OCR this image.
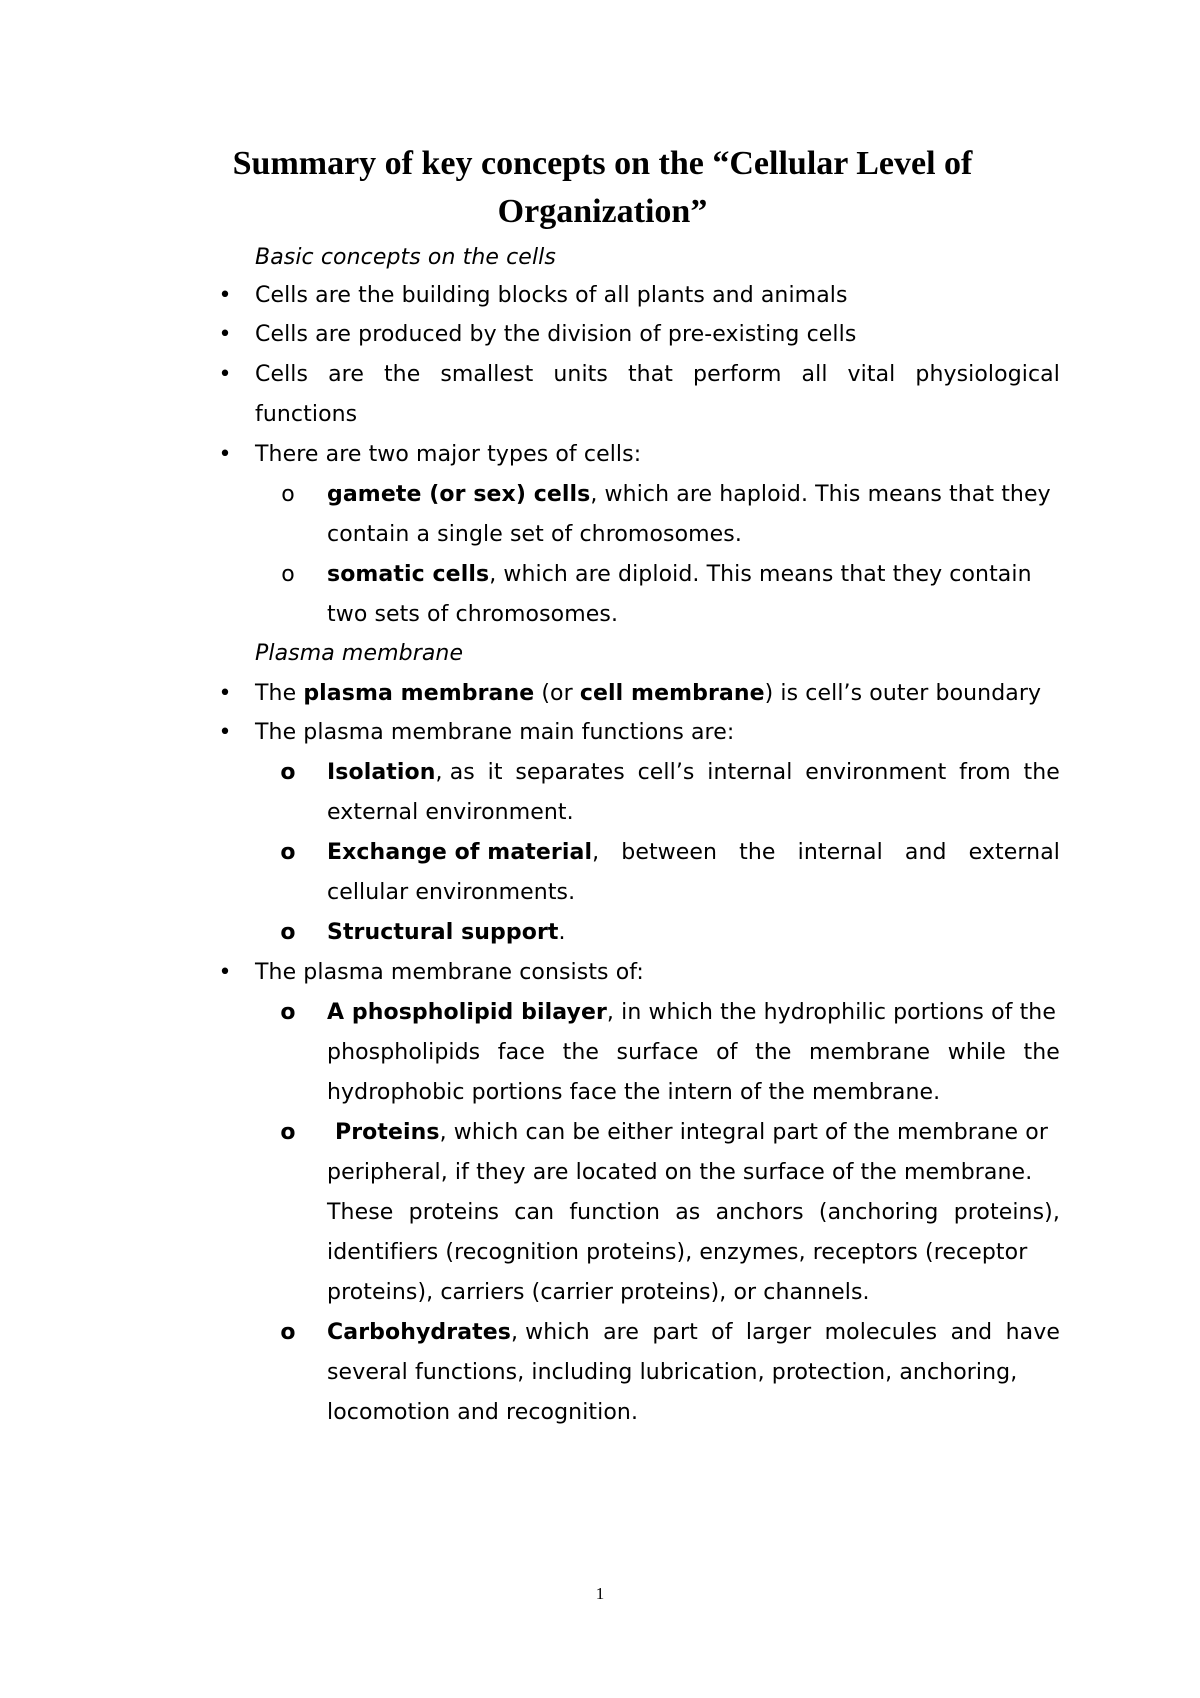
Summary of key concepts on the “Cellular Level of
Organization”
Basic concepts on the cells
• Cells are the building blocks of all plants and animals
• Cells are produced by the division of pre-existing cells
• Cells are the smallest units that perform all vital physiological
functions
• There are two major types of cells:
o gamete (or sex) cells, which are haploid. This means that they
contain a single set of chromosomes.
o somatic cells, which are diploid. This means that they contain
two sets of chromosomes.
Plasma membrane
• The plasma membrane (or cell membrane) is cell’s outer boundary
• The plasma membrane main functions are:
o Isolation, as it separates cell’s internal environment from the
external environment.
o Exchange of material, between the internal and external
cellular environments.
o Structural support.
• The plasma membrane consists of:
o A phospholipid bilayer, in which the hydrophilic portions of the
phospholipids face the surface of the membrane while the
hydrophobic portions face the intern of the membrane.
o	Proteins, which can be either integral part of the membrane or
peripheral, if they are located on the surface of the membrane.
These proteins can function as anchors (anchoring proteins),
identifiers (recognition proteins), enzymes, receptors (receptor
proteins), carriers (carrier proteins), or channels.
o Carbohydrates, which are part of larger molecules and have
several functions, including lubrication, protection, anchoring,
locomotion and recognition.
1
